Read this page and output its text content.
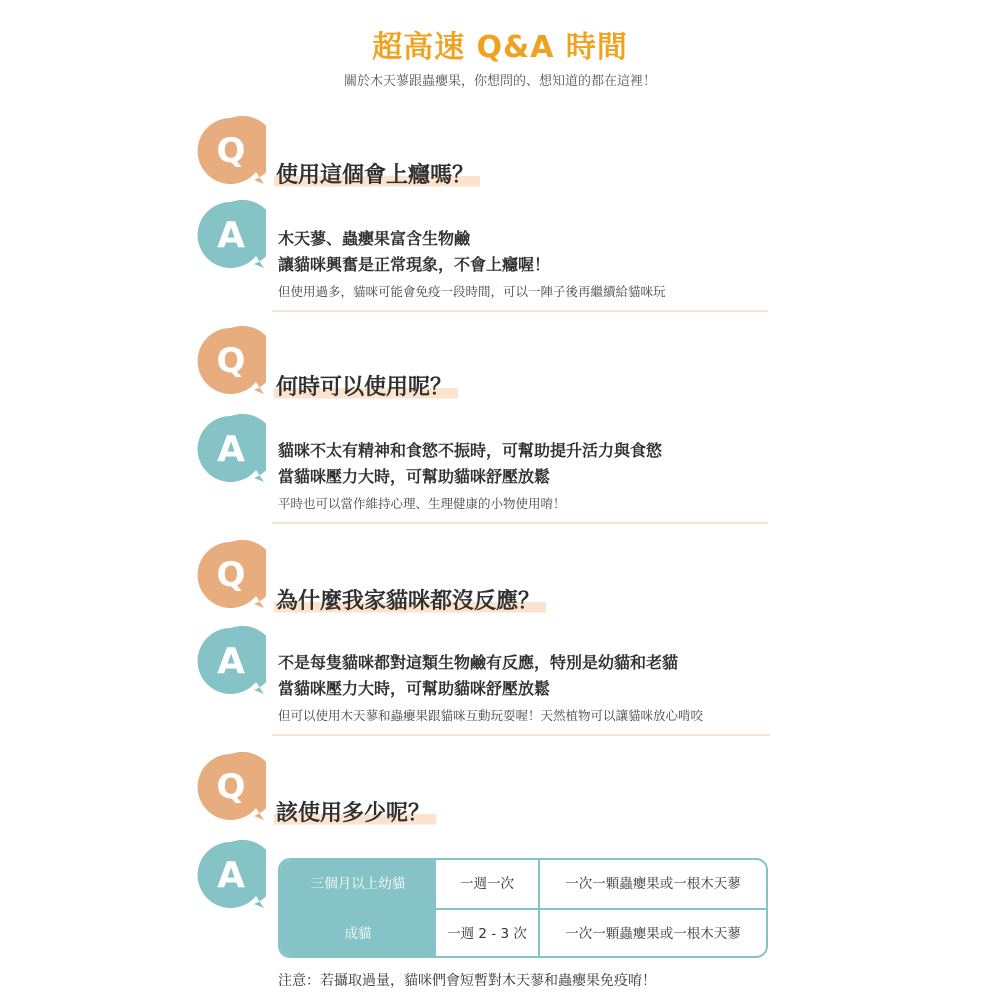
超高速 Q&A 時間
關於木天蓼跟蟲癭果，你想問的、想知道的都在這裡！
Q
使用這個會上癮嗎？
A 木天蓼、蟲癭果富含生物鹼
讓貓咪興奮是正常現象，不會上癮喔！
但使用過多，貓咪可能會免疫一段時間，可以一陣子後再繼續給貓咪玩
Q
何時可以使用呢？
A 貓咪不太有精神和食慾不振時，可幫助提升活力與食慾
當貓咪壓力大時，可幫助貓咪舒壓放鬆
平時也可以當作維持心理、生理健康的小物使用唷！
Q
為什麼我家貓咪都沒反應？
A 不是每隻貓咪都對這類生物鹼有反應，特別是幼貓和老貓
當貓咪壓力大時，可幫助貓咪舒壓放鬆
但可以使用木天蓼和蟲癭果跟貓咪互動玩耍喔！天然植物可以讓貓咪放心啃咬
Q
該使用多少呢？
A	三個月以上幼貓	一週一次	一次一顆蟲癭果或一根木天蓼
成貓	一週 2 - 3 次	一次一顆蟲癭果或一根木天蓼
注意：若攝取過量，貓咪們會短暫對木天蓼和蟲癭果免疫唷！
